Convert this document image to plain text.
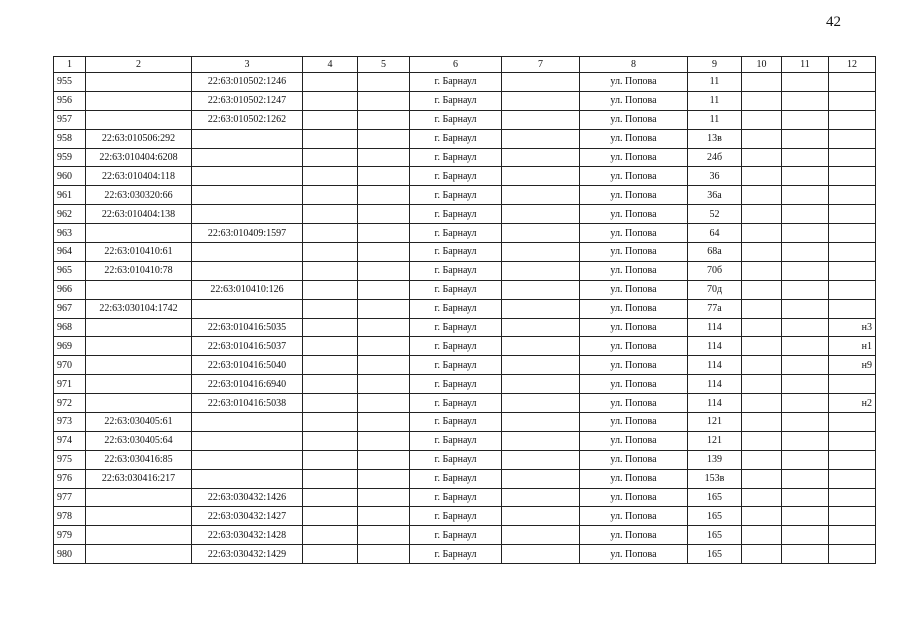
42
1	2	3	4	5	6	7	8	9	10	11	12
955		22:63:010502:1246			г. Барнаул		ул. Попова	11			
956		22:63:010502:1247			г. Барнаул		ул. Попова	11			
957		22:63:010502:1262			г. Барнаул		ул. Попова	11			
958	22:63:010506:292				г. Барнаул		ул. Попова	13в			
959	22:63:010404:6208				г. Барнаул		ул. Попова	24б			
960	22:63:010404:118				г. Барнаул		ул. Попова	36			
961	22:63:030320:66				г. Барнаул		ул. Попова	36а			
962	22:63:010404:138				г. Барнаул		ул. Попова	52			
963		22:63:010409:1597			г. Барнаул		ул. Попова	64			
964	22:63:010410:61				г. Барнаул		ул. Попова	68а			
965	22:63:010410:78				г. Барнаул		ул. Попова	70б			
966		22:63:010410:126			г. Барнаул		ул. Попова	70д			
967	22:63:030104:1742				г. Барнаул		ул. Попова	77а			
968		22:63:010416:5035			г. Барнаул		ул. Попова	114			н3
969		22:63:010416:5037			г. Барнаул		ул. Попова	114			н1
970		22:63:010416:5040			г. Барнаул		ул. Попова	114			н9
971		22:63:010416:6940			г. Барнаул		ул. Попова	114			
972		22:63:010416:5038			г. Барнаул		ул. Попова	114			н2
973	22:63:030405:61				г. Барнаул		ул. Попова	121			
974	22:63:030405:64				г. Барнаул		ул. Попова	121			
975	22:63:030416:85				г. Барнаул		ул. Попова	139			
976	22:63:030416:217				г. Барнаул		ул. Попова	153в			
977		22:63:030432:1426			г. Барнаул		ул. Попова	165			
978		22:63:030432:1427			г. Барнаул		ул. Попова	165			
979		22:63:030432:1428			г. Барнаул		ул. Попова	165			
980		22:63:030432:1429			г. Барнаул		ул. Попова	165			
